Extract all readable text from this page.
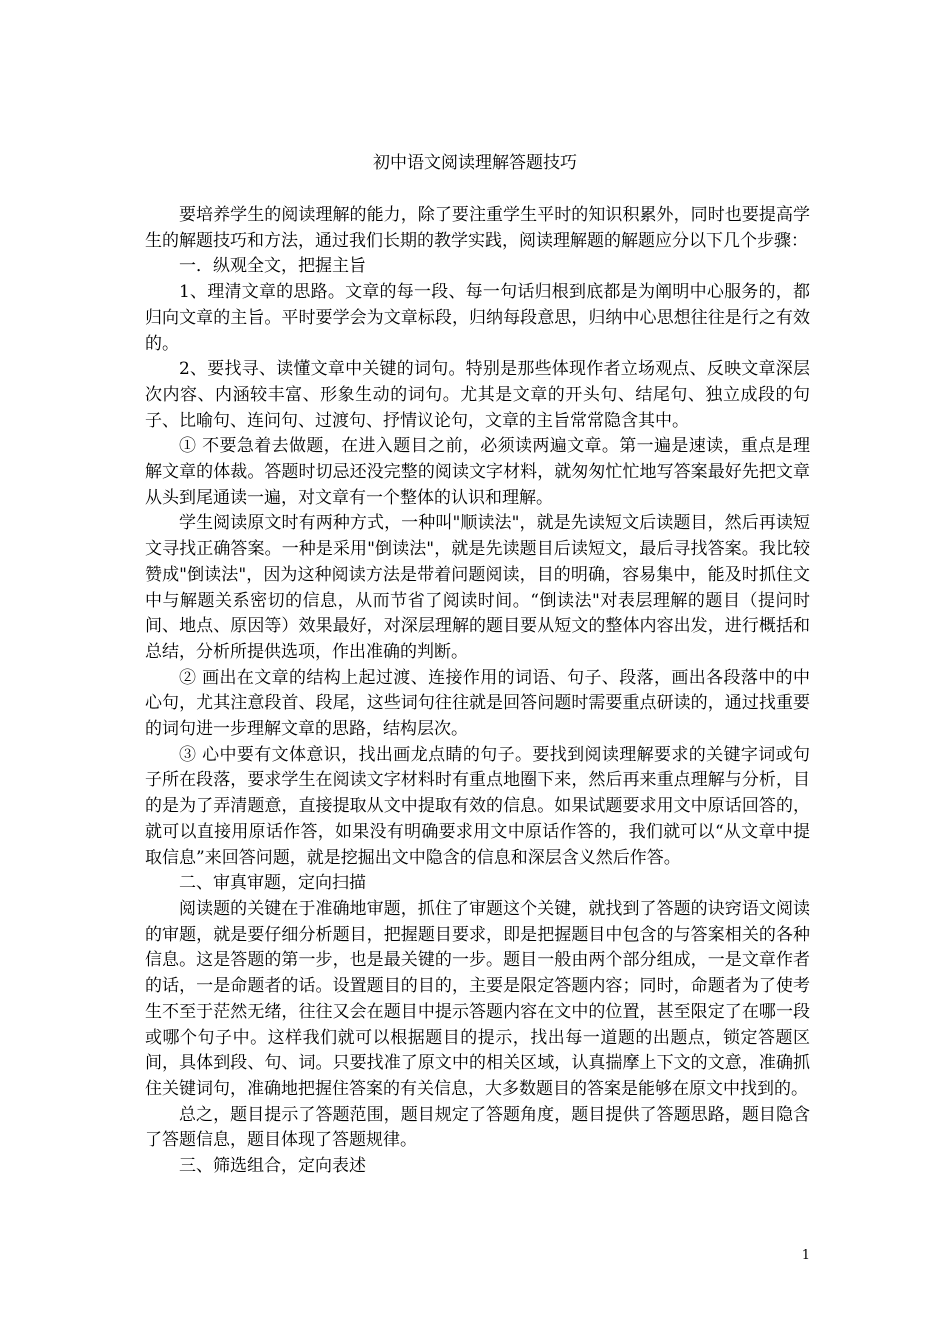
初中语文阅读理解答题技巧

要培养学生的阅读理解的能力，除了要注重学生平时的知识积累外，同时也要提高学生的解题技巧和方法，通过我们长期的教学实践，阅读理解题的解题应分以下几个步骤：

一．纵观全文，把握主旨

1、理清文章的思路。文章的每一段、每一句话归根到底都是为阐明中心服务的，都归向文章的主旨。平时要学会为文章标段，归纳每段意思，归纳中心思想往往是行之有效的。

2、要找寻、读懂文章中关键的词句。特别是那些体现作者立场观点、反映文章深层次内容、内涵较丰富、形象生动的词句。尤其是文章的开头句、结尾句、独立成段的句子、比喻句、连问句、过渡句、抒情议论句，文章的主旨常常隐含其中。

① 不要急着去做题，在进入题目之前，必须读两遍文章。第一遍是速读，重点是理解文章的体裁。答题时切忌还没完整的阅读文字材料，就匆匆忙忙地写答案最好先把文章从头到尾通读一遍，对文章有一个整体的认识和理解。

学生阅读原文时有两种方式，一种叫"顺读法"，就是先读短文后读题目，然后再读短文寻找正确答案。一种是采用"倒读法"，就是先读题目后读短文，最后寻找答案。我比较赞成"倒读法"，因为这种阅读方法是带着问题阅读，目的明确，容易集中，能及时抓住文中与解题关系密切的信息，从而节省了阅读时间。“倒读法"对表层理解的题目（提问时间、地点、原因等）效果最好，对深层理解的题目要从短文的整体内容出发，进行概括和总结，分析所提供选项，作出准确的判断。

② 画出在文章的结构上起过渡、连接作用的词语、句子、段落，画出各段落中的中心句，尤其注意段首、段尾，这些词句往往就是回答问题时需要重点研读的，通过找重要的词句进一步理解文章的思路，结构层次。

③ 心中要有文体意识，找出画龙点睛的句子。要找到阅读理解要求的关键字词或句子所在段落，要求学生在阅读文字材料时有重点地圈下来，然后再来重点理解与分析，目的是为了弄清题意，直接提取从文中提取有效的信息。如果试题要求用文中原话回答的，就可以直接用原话作答，如果没有明确要求用文中原话作答的，我们就可以“从文章中提取信息”来回答问题，就是挖掘出文中隐含的信息和深层含义然后作答。

二、审真审题，定向扫描

阅读题的关键在于准确地审题，抓住了审题这个关键，就找到了答题的诀窍语文阅读的审题，就是要仔细分析题目，把握题目要求，即是把握题目中包含的与答案相关的各种信息。这是答题的第一步，也是最关键的一步。题目一般由两个部分组成，一是文章作者的话，一是命题者的话。设置题目的目的，主要是限定答题内容；同时，命题者为了使考生不至于茫然无绪，往往又会在题目中提示答题内容在文中的位置，甚至限定了在哪一段或哪个句子中。这样我们就可以根据题目的提示，找出每一道题的出题点，锁定答题区间，具体到段、句、词。只要找准了原文中的相关区域，认真揣摩上下文的文意，准确抓住关键词句，准确地把握住答案的有关信息，大多数题目的答案是能够在原文中找到的。

总之，题目提示了答题范围，题目规定了答题角度，题目提供了答题思路，题目隐含了答题信息，题目体现了答题规律。

三、筛选组合，定向表述

1
